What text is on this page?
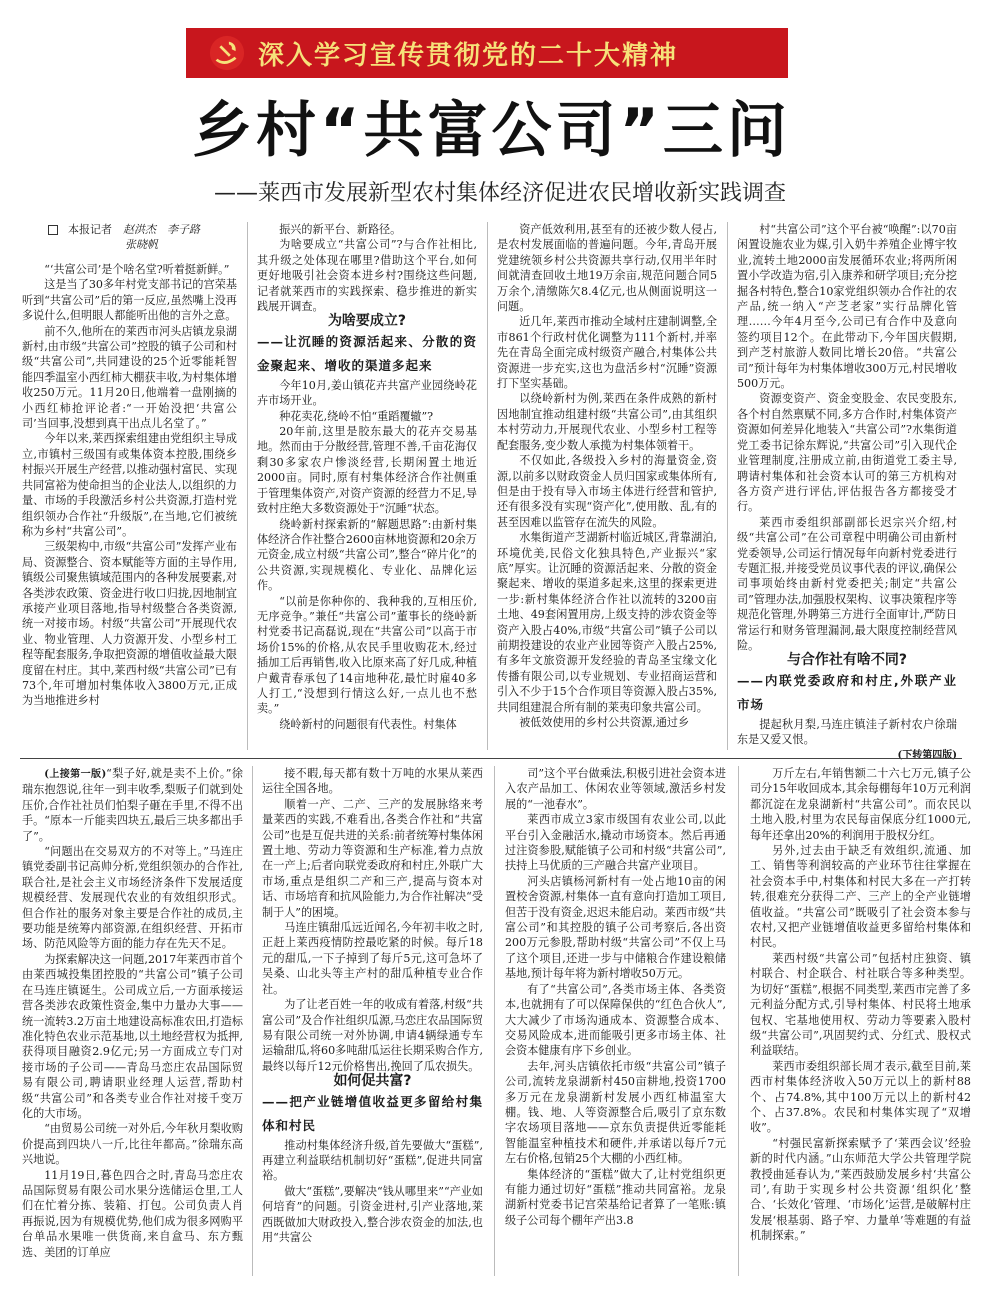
深入学习宣传贯彻党的二十大精神
乡村“共富公司”三问
——莱西市发展新型农村集体经济促进农民增收新实践调查
本报记者　 赵洪杰　李子路
张晓帆

“‘共富公司’是个啥名堂?听着挺新鲜。”

这是当了30多年村党支部书记的宫荣基听到“共富公司”后的第一反应,虽然嘴上没再多说什么,但明眼人都能听出他的言外之意。

前不久,他所在的莱西市河头店镇龙泉湖新村,由市级“共富公司”控股的镇子公司和村级“共富公司”,共同建设的25个近零能耗智能四季温室小西红柿大棚获丰收,为村集体增收250万元。11月20日,他端着一盘刚摘的小西红柿抢评论者:“一开始没把‘共富公司’当回事,没想到真干出点儿名堂了。”

今年以来,莱西探索组建由党组织主导成立,市镇村三级国有或集体资本控股,围绕乡村振兴开展生产经营,以推动强村富民、实现共同富裕为使命担当的企业法人,以组织的力量、市场的手段激活乡村公共资源,打造村党组织领办合作社“升级版”,在当地,它们被统称为乡村“共富公司”。

三级架构中,市级“共富公司”发挥产业布局、资源整合、资本赋能等方面的主导作用,镇级公司聚焦镇域范围内的各种发展要素,对各类涉农政策、资金进行收口归拢,因地制宜承接产业项目落地,指导村级整合各类资源,统一对接市场。村级“共富公司”开展现代农业、物业管理、人力资源开发、小型乡村工程等配套服务,争取把资源的增值收益最大限度留在村庄。其中,莱西村级“共富公司”已有73个,年可增加村集体收入3800万元,正成为当地推进乡村

振兴的新平台、新路径。

为啥要成立“共富公司”?与合作社相比,其升级之处体现在哪里?借助这个平台,如何更好地吸引社会资本进乡村?围绕这些问题,记者就莱西市的实践探索、稳步推进的新实践展开调查。

为啥要成立?

——让沉睡的资源活起来、分散的资金聚起来、增收的渠道多起来

今年10月,姜山镇花卉共富产业园绕岭花卉市场开业。

种花卖花,绕岭不怕“重蹈覆辙”?

20年前,这里是胶东最大的花卉交易基地。然而由于分散经营,管理不善,千亩花海仅剩30多家农户惨淡经营,长期闲置土地近2000亩。同时,原有村集体经济合作社侧重于管理集体资产,对资产资源的经营力不足,导致村庄绝大多数资源处于“沉睡”状态。

绕岭新村探索新的“解题思路”:由新村集体经济合作社整合2600亩林地资源和20余万元资金,成立村级“共富公司”,整合“碎片化”的公共资源,实现规模化、专业化、品牌化运作。

“以前是你种你的、我种我的,互相压价,无序竞争。”兼任“共富公司”董事长的绕岭新村党委书记高磊说,现在“共富公司”以高于市场价15%的价格,从农民手里收购花木,经过插加工后再销售,收入比原来高了好几成,种植户戴青春承包了14亩地种花,最忙时雇40多人打工,“没想到行情这么好,一点儿也不愁卖。”

绕岭新村的问题很有代表性。村集体

资产低效利用,甚至有的还被少数人侵占,是农村发展面临的普遍问题。今年,青岛开展党建统领乡村公共资源共享行动,仅用半年时间就清查回收土地19万余亩,规范问题合同5万余个,清缴陈欠8.4亿元,也从侧面说明这一问题。

近几年,莱西市推动全域村庄建制调整,全市861个行政村优化调整为111个新村,并率先在青岛全面完成村级资产融合,村集体公共资源进一步充实,这也为盘活乡村“沉睡”资源打下坚实基础。

以绕岭新村为例,莱西在条件成熟的新村因地制宜推动组建村级“共富公司”,由其组织本村劳动力,开展现代农业、小型乡村工程等配套服务,变少数人承揽为村集体领着干。

不仅如此,各级投入乡村的海量资金,资源,以前多以财政资金人员归国家或集体所有,但是由于投有导入市场主体进行经营和管护,还有很多没有实现“资产化”,使用散、乱,有的甚至因难以监管存在流失的风险。

水集街道产芝湖新村临近城区,背靠湖泊,环境优美,民俗文化独具特色,产业振兴“家底”厚实。让沉睡的资源活起来、分散的资金聚起来、增收的渠道多起来,这里的探索更进一步:新村集体经济合作社以流转的3200亩土地、49套闲置用房,上级支持的涉农资金等资产入股占40%,市级“共富公司”镇子公司以前期投建设的农业产业园等资产入股占25%,有多年文旅资源开发经验的青岛圣宝缘文化传播有限公司,以专业规划、专业招商运营和引入不少于15个合作项目等资源入股占35%,共同组建混合所有制的莱夷印象共富公司。

被低效使用的乡村公共资源,通过乡

村“共富公司”这个平台被“唤醒”:以70亩闲置设施农业为媒,引入奶牛养殖企业博宇牧业,流转土地2000亩发展循环农业;将两所闲置小学改造为宿,引入康养和研学项目;充分挖掘各村特色,整合10家党组织领办合作社的农产品,统一纳入“产芝老家”实行品牌化管理……今年4月至今,公司已有合作中及意向签约项目12个。在此带动下,今年国庆假期,到产芝村旅游人数同比增长20倍。“共富公司”预计每年为村集体增收300万元,村民增收500万元。

资源变资产、资金变股金、农民变股东,各个村自然禀赋不同,多方合作时,村集体资产资源如何差异化地装入“共富公司”?水集街道党工委书记徐东辉说,“共富公司”引入现代企业管理制度,注册成立前,由街道党工委主导,聘请村集体和社会资本认可的第三方机构对各方资产进行评估,评估报告各方都接受才行。

莱西市委组织部副部长迟宗兴介绍,村级“共富公司”在公司章程中明确公司由新村党委领导,公司运行情况每年向新村党委进行专题汇报,并接受党员议事代表的评议,确保公司事项始终由新村党委把关;制定“共富公司”管理办法,加强股权架构、议事决策程序等规范化管理,外聘第三方进行全面审计,严防日常运行和财务管理漏洞,最大限度控制经营风险。

与合作社有啥不同?

——内联党委政府和村庄,外联产业市场

提起秋月梨,马连庄镇洼子新村农户徐瑞东是又爱又恨。

(下转第四版)

(上接第一版)“梨子好,就是卖不上价。”徐瑞东抱怨说,往年一到丰收季,梨贩子们就到处压价,合作社社员们怕梨子砸在手里,不得不出手。“原本一斤能卖四块五,最后三块多都出手了”。

“问题出在交易双方的不对等上。”马连庄镇党委副书记高帅分析,党组织领办的合作社,联合社,是社会主义市场经济条件下发展适度规模经营、发展现代农业的有效组织形式。但合作社的服务对象主要是合作社的成员,主要功能是统筹内部资源,在组织经营、开拓市场、防范风险等方面的能力存在先天不足。

为探索解决这一问题,2017年莱西市首个由莱西城投集团控股的“共富公司”镇子公司在马连庄镇诞生。公司成立后,一方面承接运营各类涉农政策性资金,集中力量办大事——统一流转3.2万亩土地建设高标准农田,打造标准化特色农业示范基地,以土地经营权为抵押,获得项目融资2.9亿元;另一方面成立专门对接市场的子公司——青岛马恋庄农品国际贸易有限公司,聘请职业经理人运营,帮助村级“共富公司”和各类专业合作社对接千变万化的大市场。

“由贸易公司统一对外后,今年秋月梨收购价提高到四块八一斤,比往年都高。”徐瑞东高兴地说。

11月19日,暮色四合之时,青岛马恋庄农品国际贸易有限公司水果分选储运仓里,工人们在忙着分拣、装箱、打包。公司负责人肖再振说,因为有规模优势,他们成为很多网购平台单品水果唯一供货商,来自盒马、东方甄选、美团的订单应

接不暇,每天都有数十万吨的水果从莱西运往全国各地。

顺着一产、二产、三产的发展脉络来考量莱西的实践,不难看出,各类合作社和“共富公司”也是互促共进的关系:前者统筹村集体闲置土地、劳动力等资源和生产标准,着力点放在一产上;后者向联党委政府和村庄,外联广大市场,重点是组织二产和三产,提高与资本对话、市场培育和抗风险能力,为合作社解决“受制于人”的困境。

马连庄镇甜瓜远近闻名,今年初丰收之时,正赶上莱西疫情防控最吃紧的时候。每斤18元的甜瓜,一下子掉到了每斤5元,这可急坏了吴桑、山北头等主产村的甜瓜种植专业合作社。

为了让老百姓一年的收成有着落,村级“共富公司”及合作社组织瓜源,马恋庄农品国际贸易有限公司统一对外协调,申请4辆绿通专车运输甜瓜,将60多吨甜瓜运往长期采购合作方,最终以每斤12元价格售出,挽回了瓜农损失。

如何促共富?

——把产业链增值收益更多留给村集体和村民

推动村集体经济升级,首先要做大“蛋糕”,再建立利益联结机制切好“蛋糕”,促进共同富裕。

做大“蛋糕”,要解决“钱从哪里来”“产业如何培育”的问题。引资金进村,引产业落地,莱西既做加大财政投入,整合涉农资金的加法,也用“共富公

司”这个平台做乘法,积极引进社会资本进入农产品加工、休闲农业等领域,激活乡村发展的“一池春水”。

莱西市成立3家市级国有农业公司,以此平台引入金融活水,撬动市场资本。然后再通过注资参股,赋能镇子公司和村级“共富公司”,扶持上马优质的三产融合共富产业项目。

河头店镇杨河新村有一处占地10亩的闲置校舍资源,村集体一直有意向打造加工项目,但苦于没有资金,迟迟未能启动。莱西市级“共富公司”和其控股的镇子公司考察后,各出资200万元参股,帮助村级“共富公司”不仅上马了这个项目,还进一步与中储粮合作建设粮储基地,预计每年将为新村增收50万元。

有了“共富公司”,各类市场主体、各类资本,也就拥有了可以保障保供的“红色合伙人”,大大减少了市场沟通成本、资源整合成本、交易风险成本,进而能吸引更多市场主体、社会资本健康有序下乡创业。

去年,河头店镇依托市级“共富公司”镇子公司,流转龙泉湖新村450亩耕地,投资1700多万元在龙泉湖新村发展小西红柿温室大棚。钱、地、人等资源整合后,吸引了京东数字农场项目落地——京东负责提供近零能耗智能温室种植技术和硬件,并承诺以每斤7元左右价格,包销25个大棚的小西红柿。

集体经济的“蛋糕”做大了,让村党组织更有能力通过切好“蛋糕”推动共同富裕。龙泉湖新村党委书记宫荣基给记者算了一笔账:镇级子公司每个棚年产出3.8

万斤左右,年销售额二十六七万元,镇子公司分15年收回成本,其余每棚每年10万元利润都沉淀在龙泉湖新村“共富公司”。而农民以土地入股,村里为农民每亩保底分红1000元,每年还拿出20%的利润用于股权分红。

另外,过去由于缺乏有效组织,流通、加工、销售等利润较高的产业环节往往掌握在社会资本手中,村集体和村民大多在一产打转转,很难充分获得二产、三产上的全产业链增值收益。“共富公司”既吸引了社会资本参与农村,又把产业链增值收益更多留给村集体和村民。

莱西村级“共富公司”包括村庄独资、镇村联合、村企联合、村社联合等多种类型。为切好“蛋糕”,根据不同类型,莱西市完善了多元利益分配方式,引导村集体、村民将土地承包权、宅基地使用权、劳动力等要素入股村级“共富公司”,巩固契约式、分红式、股权式利益联结。

莱西市委组织部长周才表示,截至目前,莱西市村集体经济收入50万元以上的新村88个、占74.8%,其中100万元以上的新村42个、占37.8%。农民和村集体实现了“双增收”。

“村强民富新探索赋予了‘莱西会议’经验新的时代内涵。”山东师范大学公共管理学院教授曲延春认为,“莱西鼓励发展乡村‘共富公司’,有助于实现乡村公共资源‘组织化’整合、‘长效化’管理、‘市场化’运营,是破解村庄发展‘根基弱、路子窄、力量单’等难题的有益机制探索。”
